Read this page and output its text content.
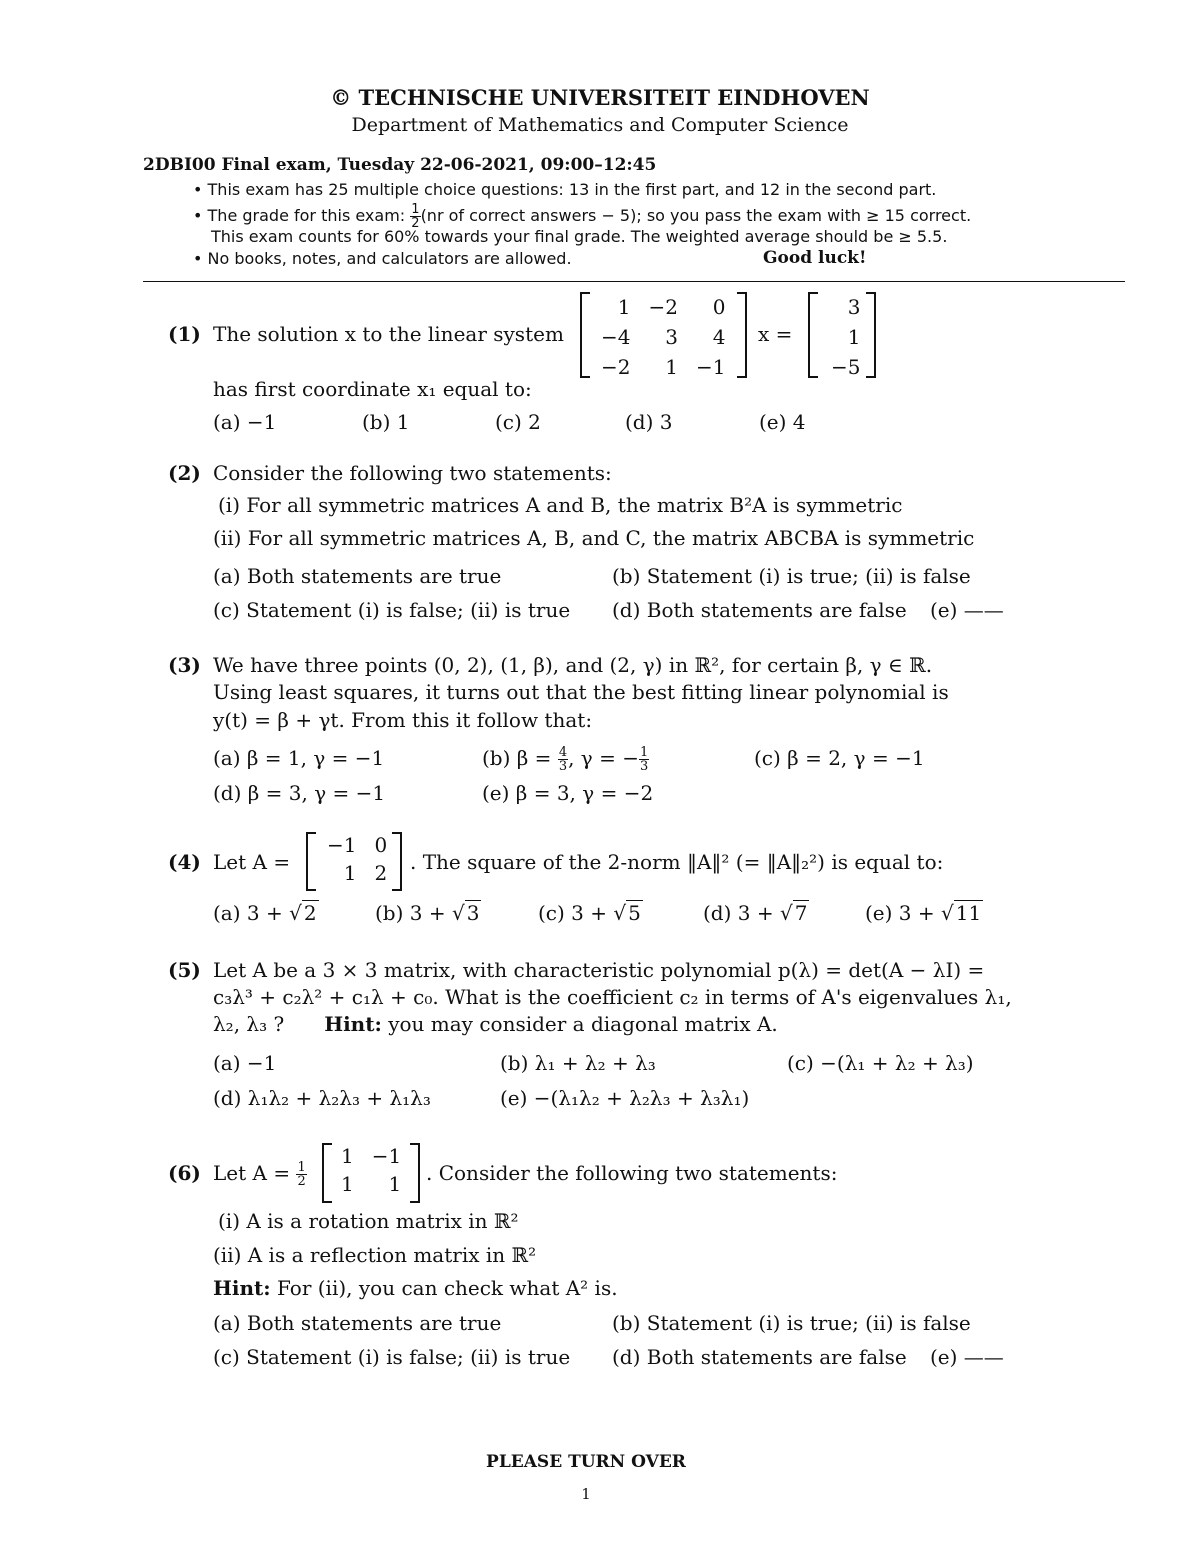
© TECHNISCHE UNIVERSITEIT EINDHOVEN
Department of Mathematics and Computer Science
2DBI00 Final exam, Tuesday 22-06-2021, 09:00–12:45
• This exam has 25 multiple choice questions: 13 in the first part, and 12 in the second part.
• The grade for this exam: $\frac{1}{2} (nr$ of correct answers − 5); so you pass the exam with ≥ 15 correct.
This exam counts for 60% towards your final grade. The weighted average should be ≥ 5.5.
• No books, notes, and calculators are allowed.	Good luck!
(1) The solution x to the linear system
1	−2	0
−4	3	4
−2	1	−1
x =
3
1
−5
has first coordinate x₁ equal to:
(a) −1	(b) 1	(c) 2	(d) 3	(e) 4
(2) Consider the following two statements:
(i) For all symmetric matrices A and B, the matrix B²A is symmetric
(ii) For all symmetric matrices A, B, and C, the matrix ABCBA is symmetric
(a) Both statements are true	(b) Statement (i) is true; (ii) is false
(c) Statement (i) is false; (ii) is true (d) Both statements are false (e) ——
(3) We have three points (0, 2), (1, β), and (2, γ) in ℝ², for certain β, γ ∈ ℝ.
Using least squares, it turns out that the best fitting linear polynomial is
y(t) = β + γt. From this it follow that:
(a) β = 1, γ = −1	(b) $\beta = \frac{4}{3}$ , γ = − $\frac{1}{3}$	(c) β = 2, γ = −1
(d) β = 3, γ = −1	(e) β = 3, γ = −2
(4) Let A =
−1	0
1	2 . The square of the 2-norm ‖A‖² (= ‖A‖₂²) is equal to:
(a) 3 + √ 2	(b) 3 + √ 3	(c) 3 + √ 5	(d) 3 + √ 7	(e) 3 + √ 11
(5) Let A be a 3 × 3 matrix, with characteristic polynomial p(λ) = det(A − λI) =
c₃λ³ + c₂λ² + c₁λ + c₀. What is the coefficient c₂ in terms of A's eigenvalues λ₁,
λ₂, λ₃ ? Hint: you may consider a diagonal matrix A.
(a) −1	(b) λ₁ + λ₂ + λ₃	(c) −(λ₁ + λ₂ + λ₃)
(d) λ₁λ₂ + λ₂λ₃ + λ₁λ₃	(e) −(λ₁λ₂ + λ₂λ₃ + λ₃λ₁)
(6) Let $A = \frac{1}{2}$
1	−1
1	1 . Consider the following two statements:
(i) A is a rotation matrix in ℝ²
(ii) A is a reflection matrix in ℝ²
Hint: For (ii), you can check what A² is.
(a) Both statements are true	(b) Statement (i) is true; (ii) is false
(c) Statement (i) is false; (ii) is true (d) Both statements are false (e) ——
PLEASE TURN OVER
1
